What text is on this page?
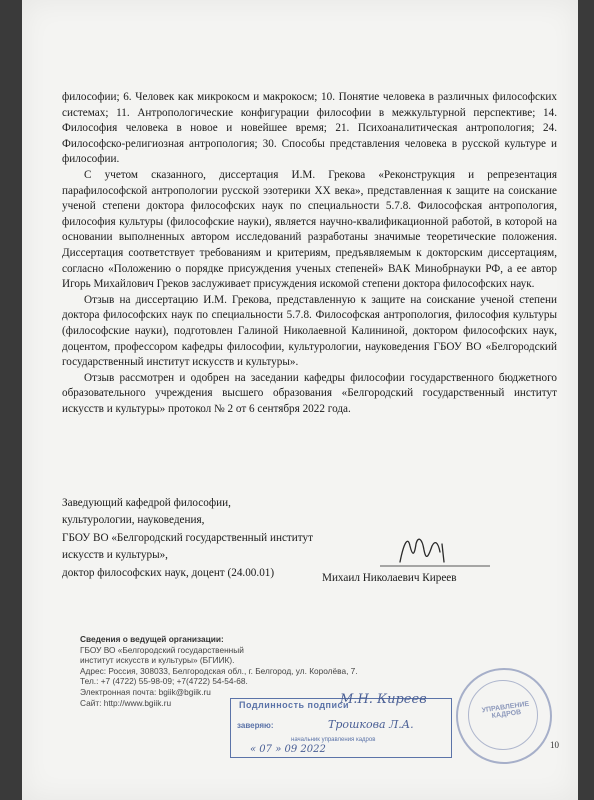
философии; 6. Человек как микрокосм и макрокосм; 10. Понятие человека в различных философских системах; 11. Антропологические конфигурации философии в межкультурной перспективе; 14. Философия человека в новое и новейшее время; 21. Психоаналитическая антропология; 24. Философско-религиозная антропология; 30. Способы представления человека в русской культуре и философии.

С учетом сказанного, диссертация И.М. Грекова «Реконструкция и репрезентация парафилософской антропологии русской эзотерики XX века», представленная к защите на соискание ученой степени доктора философских наук по специальности 5.7.8. Философская антропология, философия культуры (философские науки), является научно-квалификационной работой, в которой на основании выполненных автором исследований разработаны значимые теоретические положения. Диссертация соответствует требованиям и критериям, предъявляемым к докторским диссертациям, согласно «Положению о порядке присуждения ученых степеней» ВАК Минобрнауки РФ, а ее автор Игорь Михайлович Греков заслуживает присуждения искомой степени доктора философских наук.

Отзыв на диссертацию И.М. Грекова, представленную к защите на соискание ученой степени доктора философских наук по специальности 5.7.8. Философская антропология, философия культуры (философские науки), подготовлен Галиной Николаевной Калининой, доктором философских наук, доцентом, профессором кафедры философии, культурологии, науковедения ГБОУ ВО «Белгородский государственный институт искусств и культуры».

Отзыв рассмотрен и одобрен на заседании кафедры философии государственного бюджетного образовательного учреждения высшего образования «Белгородский государственный институт искусств и культуры» протокол № 2 от 6 сентября 2022 года.

Заведующий кафедрой философии,
культурологии, науковедения,
ГБОУ ВО «Белгородский государственный институт
искусств и культуры»,
доктор философских наук, доцент (24.00.01)	Михаил Николаевич Киреев
Сведения о ведущей организации:
ГБОУ ВО «Белгородский государственный
институт искусств и культуры» (БГИИК).
Адрес: Россия, 308033, Белгородская обл., г. Белгород, ул. Королёва, 7.
Тел.: +7 (4722) 55-98-09; +7(4722) 54-54-68.
Электронная почта: bgiik@bgiik.ru
Сайт: http://www.bgiik.ru	Подлинность подписи
заверяю:
начальник управления кадров
М.Н. Киреев
Трошкова Л.А.
« 07 » 09 2022
УПРАВЛЕНИЕ КАДРОВ
10
